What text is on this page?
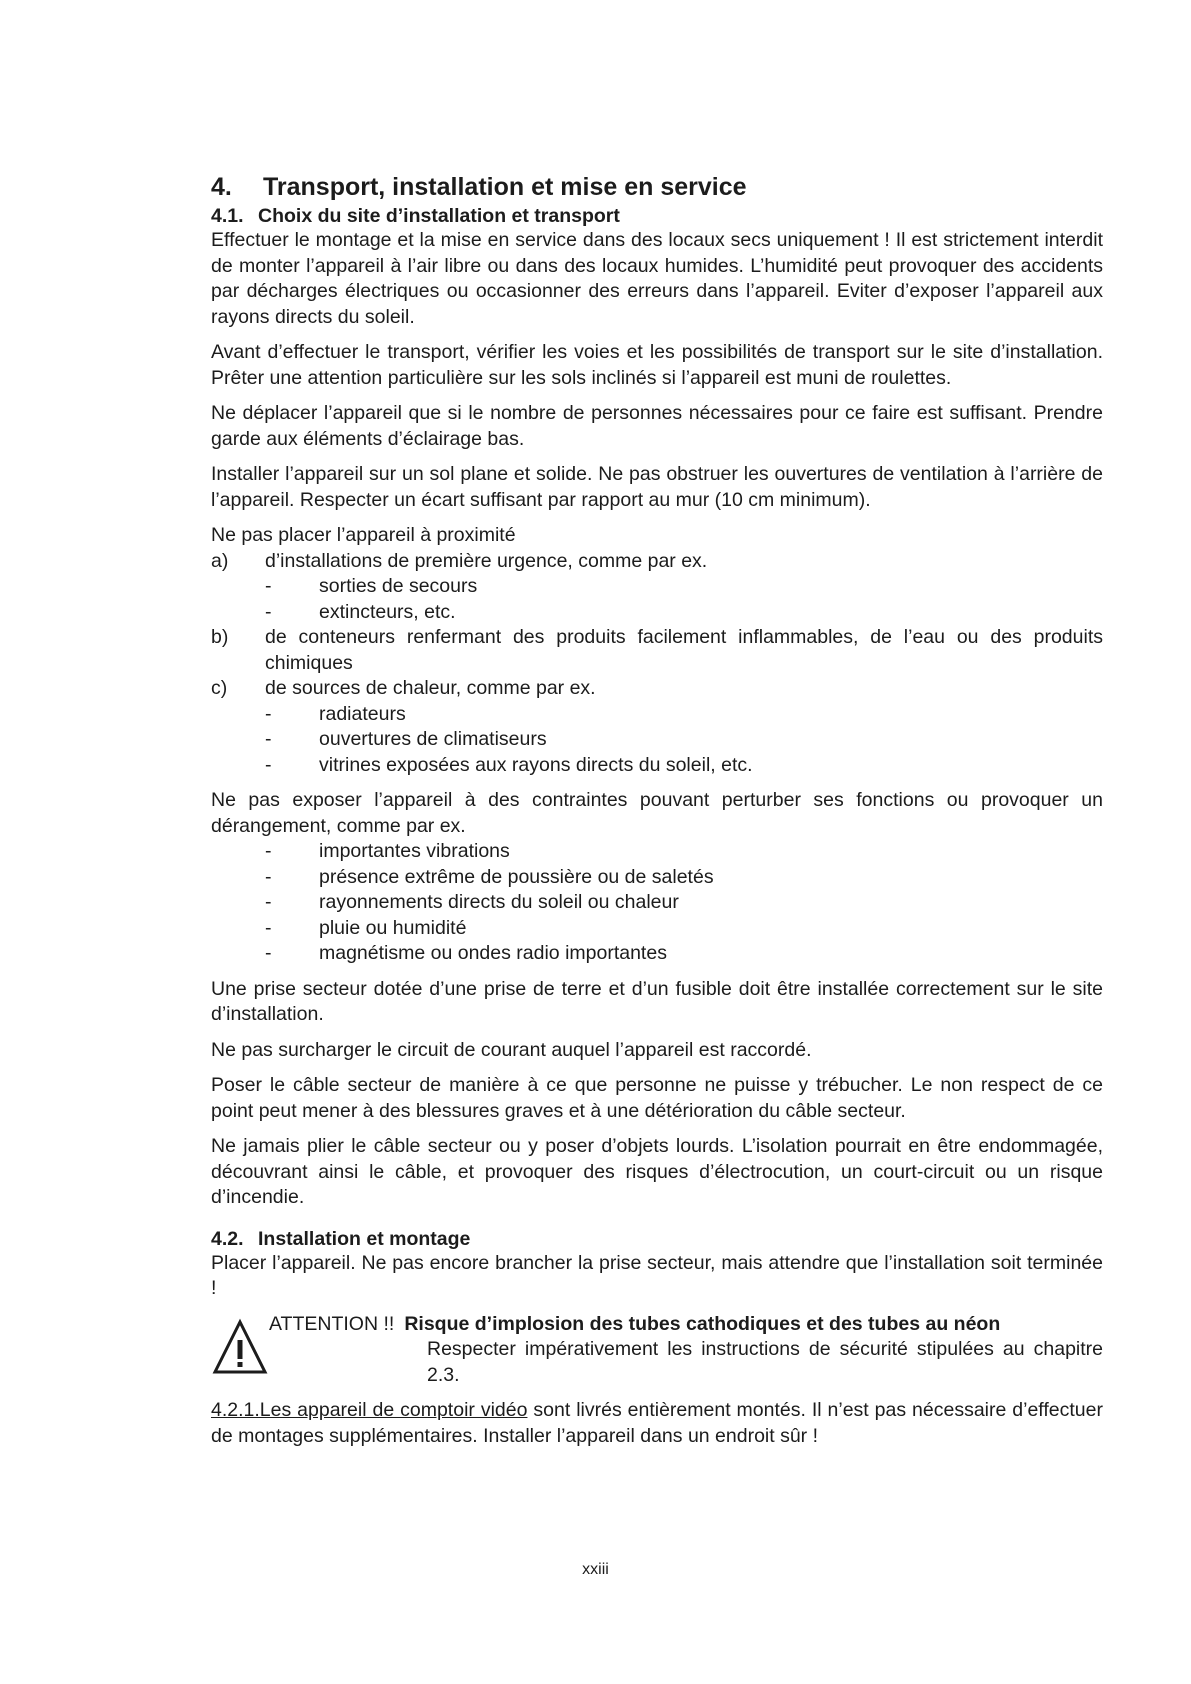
4. Transport, installation et mise en service
4.1. Choix du site d’installation et transport

Effectuer le montage et la mise en service dans des locaux secs uniquement ! Il est strictement interdit de monter l’appareil à l’air libre ou dans des locaux humides. L’humidité peut provoquer des accidents par décharges électriques ou occasionner des erreurs dans l’appareil. Eviter d’exposer l’appareil aux rayons directs du soleil.

Avant d’effectuer le transport, vérifier les voies et les possibilités de transport sur le site d’installation. Prêter une attention particulière sur les sols inclinés si l’appareil est muni de roulettes.

Ne déplacer l’appareil que si le nombre de personnes nécessaires pour ce faire est suffisant. Prendre garde aux éléments d’éclairage bas.

Installer l’appareil sur un sol plane et solide. Ne pas obstruer les ouvertures de ventilation à l’arrière de l’appareil. Respecter un écart suffisant par rapport au mur (10 cm minimum).

Ne pas placer l’appareil à proximité

a)	d’installations de première urgence, comme par ex.
-	sorties de secours
-	extincteurs, etc.
b)	de conteneurs renfermant des produits facilement inflammables, de l’eau ou des produits chimiques
c)	de sources de chaleur, comme par ex.
-	radiateurs
-	ouvertures de climatiseurs
-	vitrines exposées aux rayons directs du soleil, etc.

Ne pas exposer l’appareil à des contraintes pouvant perturber ses fonctions ou provoquer un dérangement, comme par ex.

-	importantes vibrations
-	présence extrême de poussière ou de saletés
-	rayonnements directs du soleil ou chaleur
-	pluie ou humidité
-	magnétisme ou ondes radio importantes

Une prise secteur dotée d’une prise de terre et d’un fusible doit être installée correctement sur le site d’installation.

Ne pas surcharger le circuit de courant auquel l’appareil est raccordé.

Poser le câble secteur de manière à ce que personne ne puisse y trébucher. Le non respect de ce point peut mener à des blessures graves et à une détérioration du câble secteur.

Ne jamais plier le câble secteur ou y poser d’objets lourds. L’isolation pourrait en être endommagée, découvrant ainsi le câble, et provoquer des risques d’électrocution, un court-circuit ou un risque d’incendie.

4.2. Installation et montage

Placer l’appareil. Ne pas encore brancher la prise secteur, mais attendre que l’installation soit terminée !

ATTENTION !! Risque d’implosion des tubes cathodiques et des tubes au néon
Respecter impérativement les instructions de sécurité stipulées au chapitre 2.3.

4.2.1.Les appareil de comptoir vidéo sont livrés entièrement montés. Il n’est pas nécessaire d’effectuer de montages supplémentaires. Installer l’appareil dans un endroit sûr !

xxiii
